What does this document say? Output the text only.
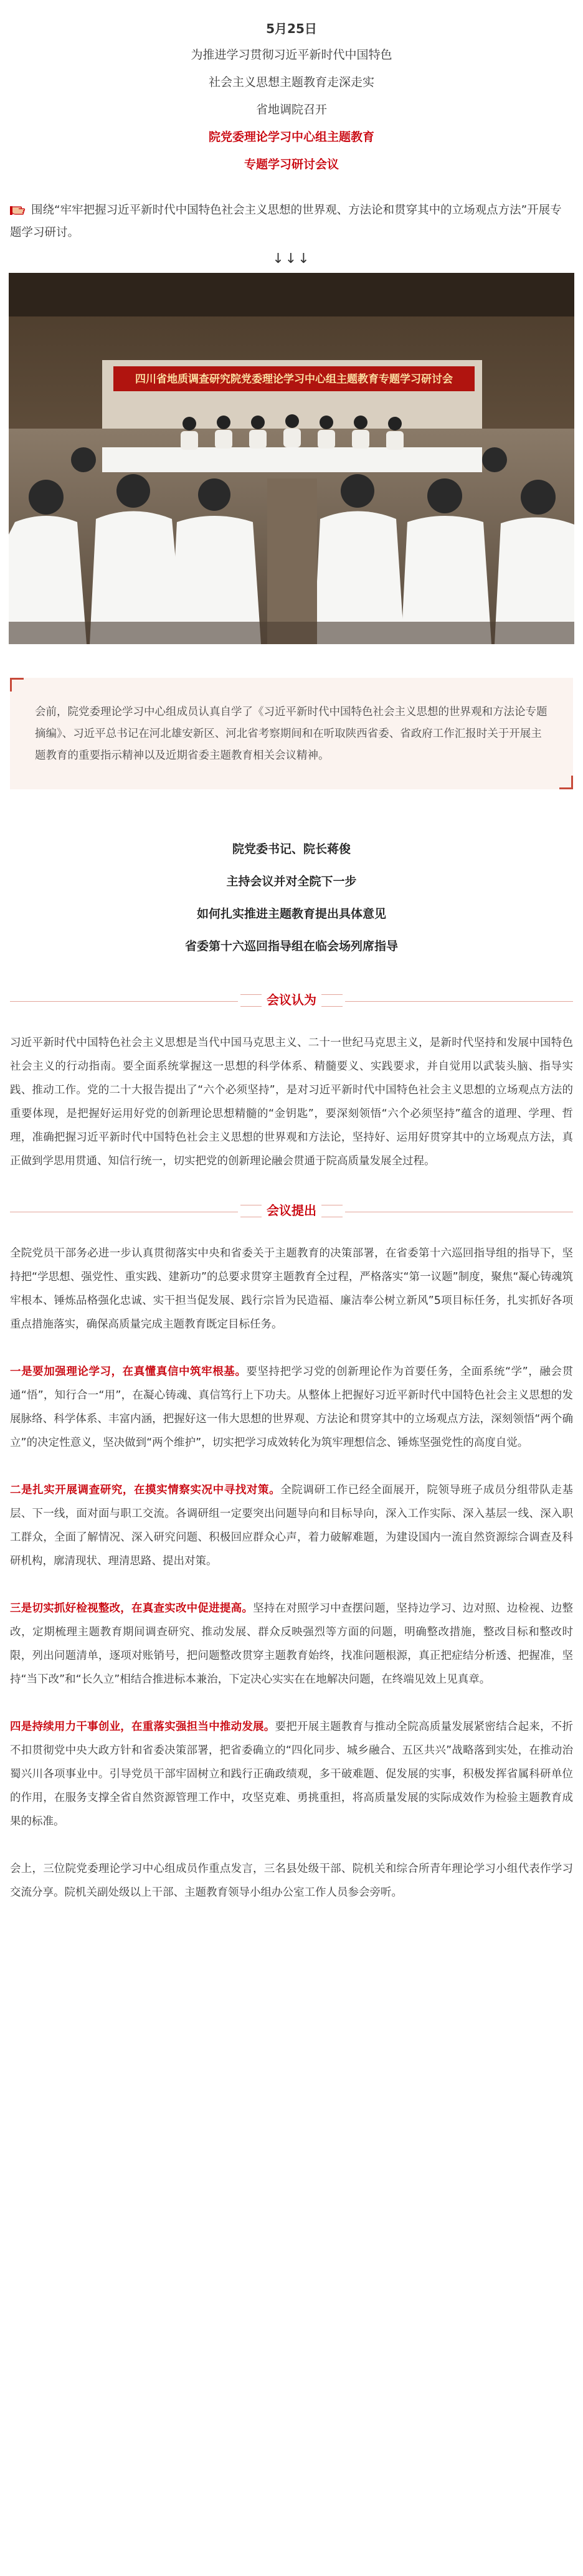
5月25日
为推进学习贯彻习近平新时代中国特色
社会主义思想主题教育走深走实
省地调院召开
院党委理论学习中心组主题教育
专题学习研讨会议

围绕“牢牢把握习近平新时代中国特色社会主义思想的世界观、方法论和贯穿其中的立场观点方法”开展专题学习研讨。

↓↓↓
四川省地质调查研究院党委理论学习中心组主题教育专题学习研讨会

会前，院党委理论学习中心组成员认真自学了《习近平新时代中国特色社会主义思想的世界观和方法论专题摘编》、习近平总书记在河北雄安新区、河北省考察期间和在听取陕西省委、省政府工作汇报时关于开展主题教育的重要指示精神以及近期省委主题教育相关会议精神。

院党委书记、院长蒋俊
主持会议并对全院下一步
如何扎实推进主题教育提出具体意见
省委第十六巡回指导组在临会场列席指导
会议认为

习近平新时代中国特色社会主义思想是当代中国马克思主义、二十一世纪马克思主义，是新时代坚持和发展中国特色社会主义的行动指南。要全面系统掌握这一思想的科学体系、精髓要义、实践要求，并自觉用以武装头脑、指导实践、推动工作。党的二十大报告提出了“六个必须坚持”，是对习近平新时代中国特色社会主义思想的立场观点方法的重要体现，是把握好运用好党的创新理论思想精髓的“金钥匙”，要深刻领悟“六个必须坚持”蕴含的道理、学理、哲理，准确把握习近平新时代中国特色社会主义思想的世界观和方法论，坚持好、运用好贯穿其中的立场观点方法，真正做到学思用贯通、知信行统一，切实把党的创新理论融会贯通于院高质量发展全过程。

会议提出

全院党员干部务必进一步认真贯彻落实中央和省委关于主题教育的决策部署，在省委第十六巡回指导组的指导下，坚持把“学思想、强党性、重实践、建新功”的总要求贯穿主题教育全过程，严格落实“第一议题”制度，聚焦“凝心铸魂筑牢根本、锤炼品格强化忠诚、实干担当促发展、践行宗旨为民造福、廉洁奉公树立新风”5项目标任务，扎实抓好各项重点措施落实，确保高质量完成主题教育既定目标任务。

一是要加强理论学习，在真懂真信中筑牢根基。要坚持把学习党的创新理论作为首要任务，全面系统“学”，融会贯通“悟”，知行合一“用”，在凝心铸魂、真信笃行上下功夫。从整体上把握好习近平新时代中国特色社会主义思想的发展脉络、科学体系、丰富内涵，把握好这一伟大思想的世界观、方法论和贯穿其中的立场观点方法，深刻领悟“两个确立”的决定性意义，坚决做到“两个维护”，切实把学习成效转化为筑牢理想信念、锤炼坚强党性的高度自觉。

二是扎实开展调查研究，在摸实情察实况中寻找对策。全院调研工作已经全面展开，院领导班子成员分组带队走基层、下一线，面对面与职工交流。各调研组一定要突出问题导向和目标导向，深入工作实际、深入基层一线、深入职工群众，全面了解情况、深入研究问题、积极回应群众心声，着力破解难题，为建设国内一流自然资源综合调查及科研机构，廓清现状、理清思路、提出对策。

三是切实抓好检视整改，在真查实改中促进提高。坚持在对照学习中查摆问题，坚持边学习、边对照、边检视、边整改，定期梳理主题教育期间调查研究、推动发展、群众反映强烈等方面的问题，明确整改措施，整改目标和整改时限，列出问题清单，逐项对账销号，把问题整改贯穿主题教育始终，找准问题根源，真正把症结分析透、把握准，坚持“当下改”和“长久立”相结合推进标本兼治，下定决心实实在在地解决问题，在终端见效上见真章。

四是持续用力干事创业，在重落实强担当中推动发展。要把开展主题教育与推动全院高质量发展紧密结合起来，不折不扣贯彻党中央大政方针和省委决策部署，把省委确立的“四化同步、城乡融合、五区共兴”战略落到实处，在推动治蜀兴川各项事业中。引导党员干部牢固树立和践行正确政绩观，多干破难题、促发展的实事，积极发挥省属科研单位的作用，在服务支撑全省自然资源管理工作中，攻坚克难、勇挑重担，将高质量发展的实际成效作为检验主题教育成果的标准。

会上，三位院党委理论学习中心组成员作重点发言，三名县处级干部、院机关和综合所青年理论学习小组代表作学习交流分享。院机关副处级以上干部、主题教育领导小组办公室工作人员参会旁听。
